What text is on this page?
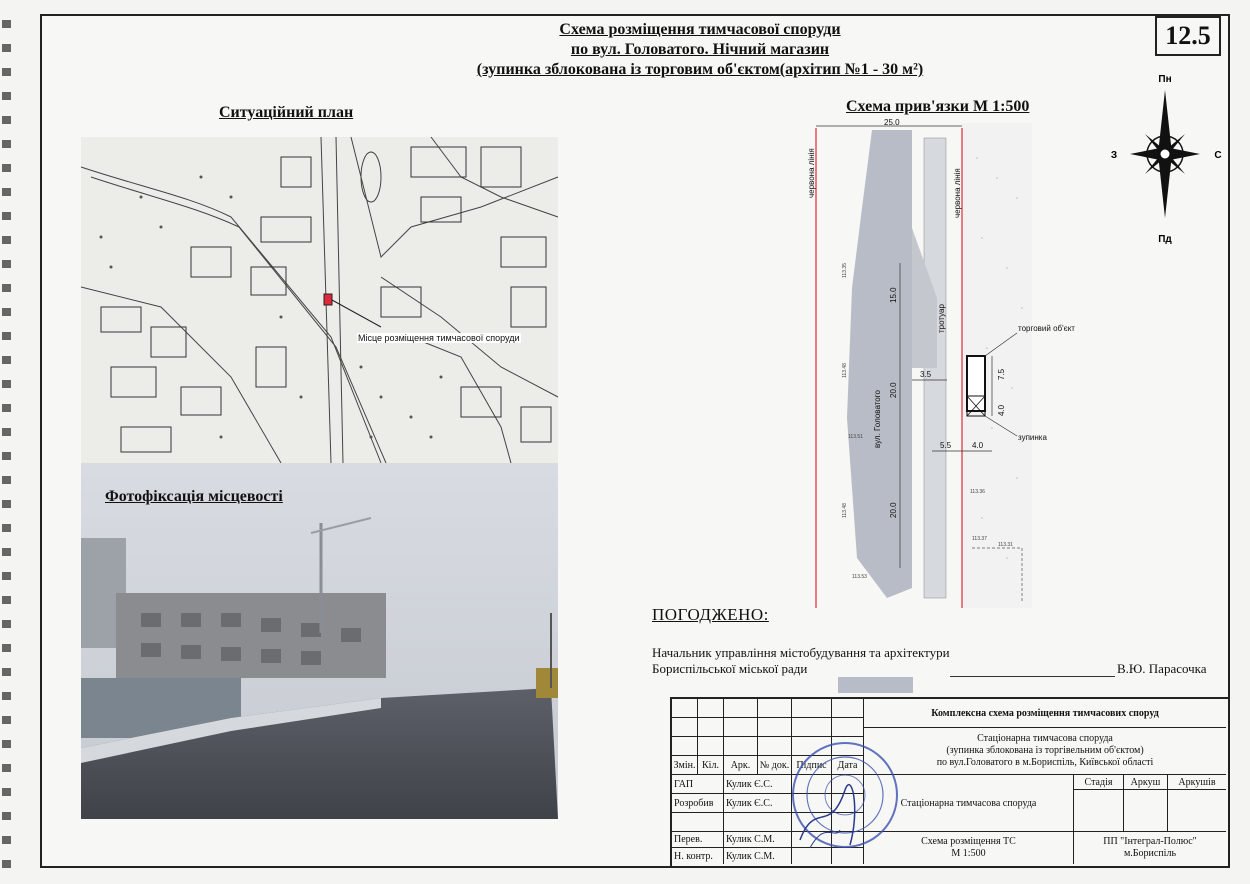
Схема розміщення тимчасової споруди
по вул. Головатого. Нічний магазин
(зупинка зблокована із торговим об'єктом(архітип №1 - 30 м²)
12.5
Ситуаційний план	Схема прив'язки М 1:500
Місце розміщення тимчасової споруди
Фотофіксація місцевості
Пн
Пд
З	С
25.0
червона лінія	червона лінія
вул. Головатого
тротуар
15.0
20.0
20.0
3.5	7.5
4.0
5.5	4.0
торговий об'єкт
зупинка
113.35
113.48
113.51
113.48
113.53
113.36
113.37
113.31
ПОГОДЖЕНО:
Начальник управління містобудування та архітектури
Бориспільської міської ради	В.Ю. Парасочка
Змін. Кіл.	Арк. № док. Підпис	Дата
ГАП	Кулик Є.С.
Розробив	Кулик Є.С.
Перев.	Кулик С.М.
Н. контр.	Кулик С.М.
Комплексна схема розміщення тимчасових споруд
Стаціонарна тимчасова споруда
(зупинка зблокована із торгівельним об'єктом)
по вул.Головатого в м.Бориспіль, Київської області
Стаціонарна тимчасова споруда
Стадія	Аркуш	Аркушів
Схема розміщення ТС
М 1:500
ПП "Інтеграл-Полюс"
м.Бориспіль
